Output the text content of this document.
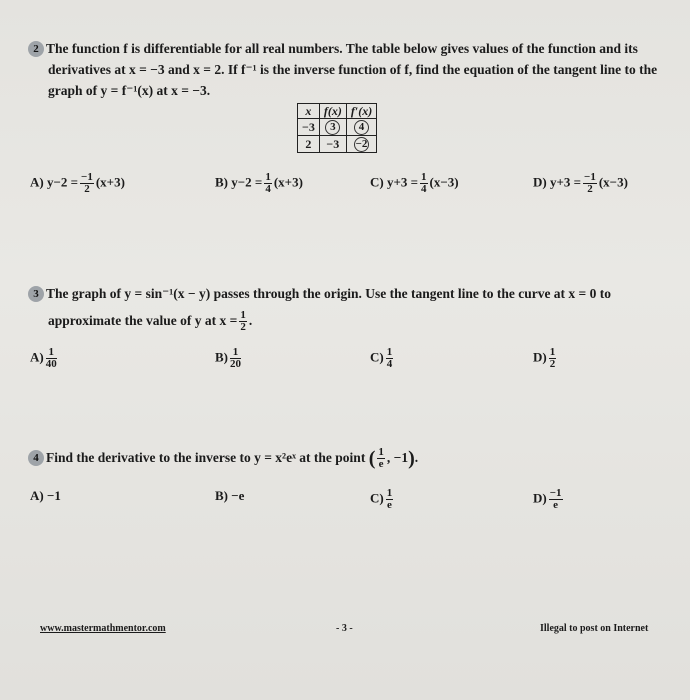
2 The function f is differentiable for all real numbers. The table below gives values of the function and its
derivatives at x = −3 and x = 2. If f⁻¹ is the inverse function of f, find the equation of the tangent line to the
graph of y = f⁻¹(x) at x = −3.
x	f(x)	f′(x)
−3	3	4
2	−3	−2
A) $y-2 = \frac{-1}{2} (x+3)$	B) $y-2 = \frac{1}{4} (x+3)$	C) $y+3 = \frac{1}{4} (x-3)$	D) $y+3 = \frac{-1}{2} (x-3)$
3 The graph of y = sin⁻¹(x − y) passes through the origin. Use the tangent line to the curve at x = 0 to
approximate the value of y at $x = \frac{1}{2}$ .
$A) \frac{1}{40}$	$B) \frac{1}{20}$	$C) \frac{1}{4}$	$D) \frac{1}{2}$
4 Find the derivative to the inverse to y = x²eˣ at the point ( $\frac{1}{e}$ , −1).
A) −1	B) −e	$C) \frac{1}{e}$	$D) \frac{-1}{e}$
www.mastermathmentor.com	- 3 -	Illegal to post on Internet
